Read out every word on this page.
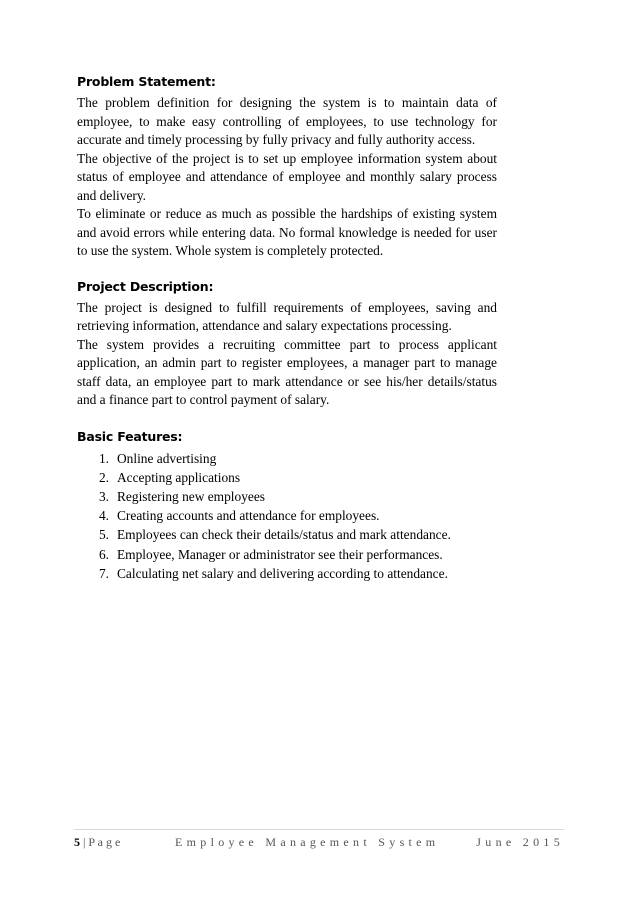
Problem Statement:

The problem definition for designing the system is to maintain data of employee, to make easy controlling of employees, to use technology for accurate and timely processing by fully privacy and fully authority access.

The objective of the project is to set up employee information system about status of employee and attendance of employee and monthly salary process and delivery.

To eliminate or reduce as much as possible the hardships of existing system and avoid errors while entering data. No formal knowledge is needed for user to use the system. Whole system is completely protected.

Project Description:

The project is designed to fulfill requirements of employees, saving and retrieving information, attendance and salary expectations processing.

The system provides a recruiting committee part to process applicant application, an admin part to register employees, a manager part to manage staff data, an employee part to mark attendance or see his/her details/status and a finance part to control payment of salary.

Basic Features:
1. Online advertising
2. Accepting applications
3. Registering new employees
4. Creating accounts and attendance for employees.
5. Employees can check their details/status and mark attendance.
6. Employee, Manager or administrator see their performances.
7. Calculating net salary and delivering according to attendance.
5 | P a g e	Employee Management System	June 2015
